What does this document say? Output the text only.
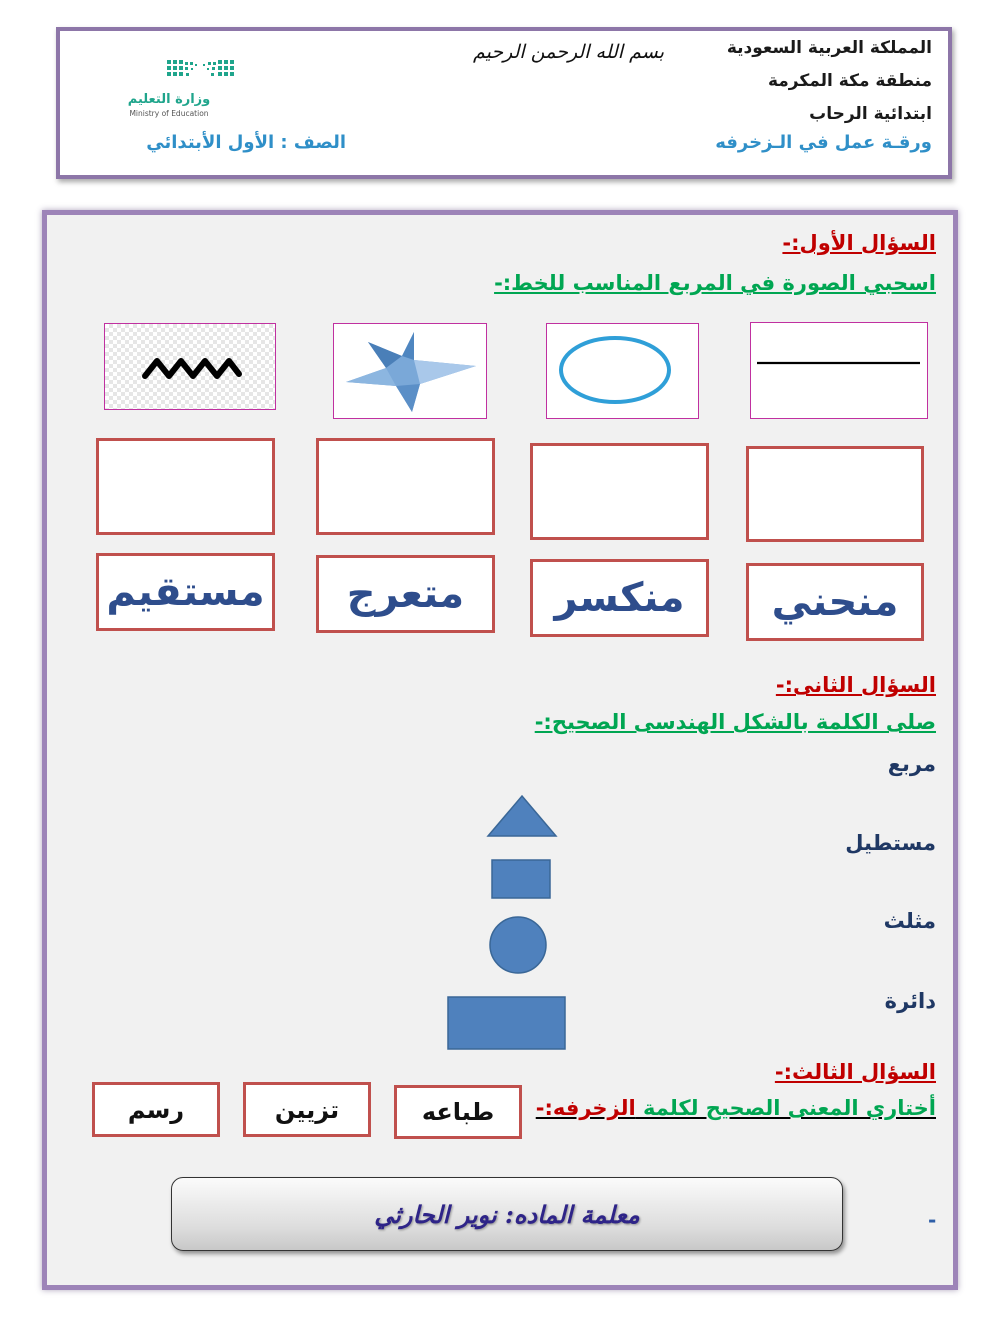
وزارة التعليم
Ministry of Education
بسم الله الرحمن الرحيم	المملكة العربية السعودية
منطقة مكة المكرمة
ابتدائية الرحاب
ورقـة عمل في الـزخرفه
الصف : الأول الأبتدائي
السؤال الأول:-
اسحبي الصورة في المربع المناسب للخط:-
منحني
منكسر
متعرج
مستقيم
السؤال الثانى:-
صلى الكلمة بالشكل الهندسى الصحيح:-
مربع
مستطيل
مثلث
دائرة
السؤال الثالث:-
أختاري المعنى الصحيح لكلمة الزخرفه:-
طباعه
تزيين
رسم
معلمة الماده: نوير الحارثي	-
